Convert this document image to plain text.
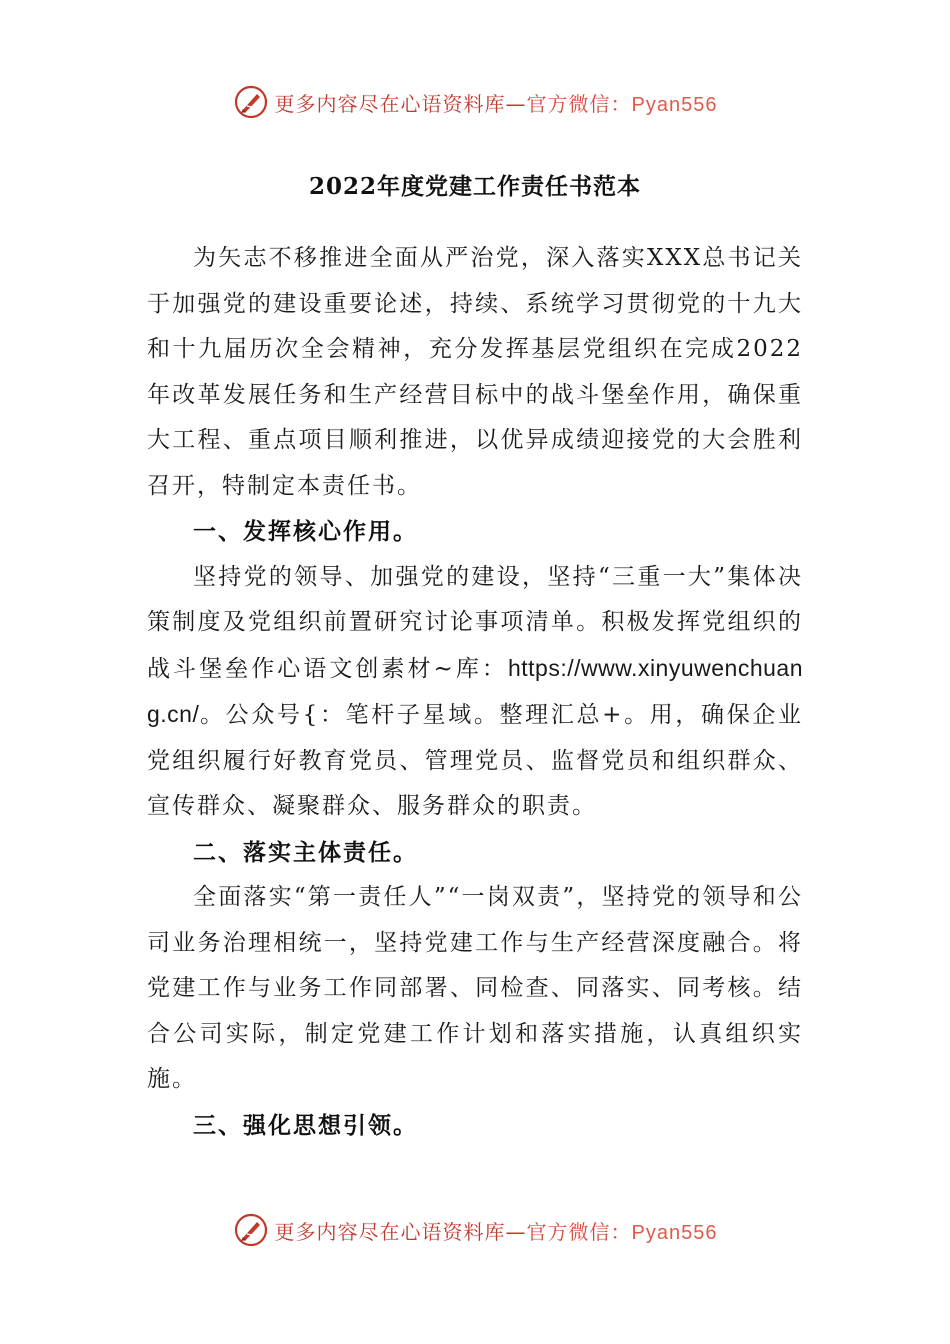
更多内容尽在心语资料库—官方微信：Pyan556
2022年度党建工作责任书范本

为矢志不移推进全面从严治党，深入落实XXX总书记关于加强党的建设重要论述，持续、系统学习贯彻党的十九大和十九届历次全会精神，充分发挥基层党组织在完成2022年改革发展任务和生产经营目标中的战斗堡垒作用，确保重大工程、重点项目顺利推进，以优异成绩迎接党的大会胜利召开，特制定本责任书。

一、发挥核心作用。

坚持党的领导、加强党的建设，坚持“三重一大”集体决策制度及党组织前置研究讨论事项清单。积极发挥党组织的战斗堡垒作心语文创素材~库：https://www.xinyuwenchuang.cn/。公众号{：笔杆子星域。整理汇总+。用，确保企业党组织履行好教育党员、管理党员、监督党员和组织群众、宣传群众、凝聚群众、服务群众的职责。

二、落实主体责任。

全面落实“第一责任人”“一岗双责”，坚持党的领导和公司业务治理相统一，坚持党建工作与生产经营深度融合。将党建工作与业务工作同部署、同检查、同落实、同考核。结合公司实际，制定党建工作计划和落实措施，认真组织实施。

三、强化思想引领。

更多内容尽在心语资料库—官方微信：Pyan556
